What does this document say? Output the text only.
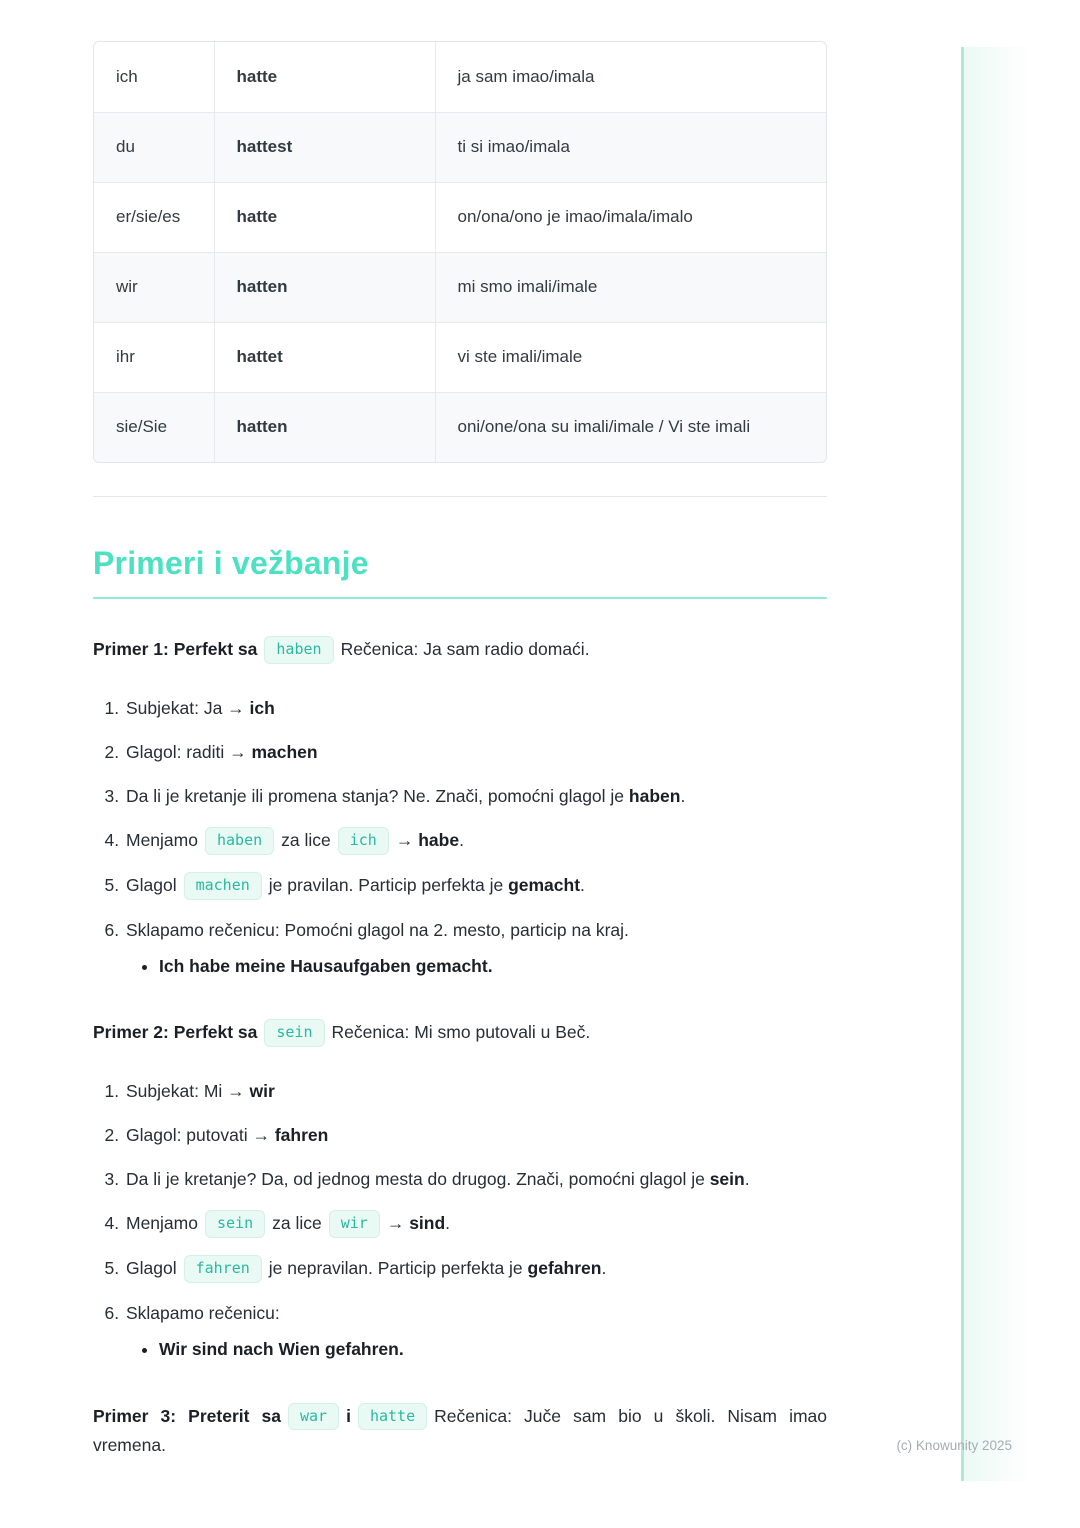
ich	hatte	ja sam imao/imala
du	hattest	ti si imao/imala
er/sie/es	hatte	on/ona/ono je imao/imala/imalo
wir	hatten	mi smo imali/imale
ihr	hattet	vi ste imali/imale
sie/Sie	hatten	oni/one/ona su imali/imale / Vi ste imali
Primeri i vežbanje

Primer 1: Perfekt sa haben Rečenica: Ja sam radio domaći.

1. Subjekat: Ja → ich
2. Glagol: raditi → machen
3. Da li je kretanje ili promena stanja? Ne. Znači, pomoćni glagol je haben.
4. Menjamo haben za lice ich → habe.
5. Glagol machen je pravilan. Particip perfekta je gemacht.
6. Sklapamo rečenicu: Pomoćni glagol na 2. mesto, particip na kraj.
• Ich habe meine Hausaufgaben gemacht.

Primer 2: Perfekt sa sein Rečenica: Mi smo putovali u Beč.

1. Subjekat: Mi → wir
2. Glagol: putovati → fahren
3. Da li je kretanje? Da, od jednog mesta do drugog. Znači, pomoćni glagol je sein.
4. Menjamo sein za lice wir → sind.
5. Glagol fahren je nepravilan. Particip perfekta je gefahren.
6. Sklapamo rečenicu:
• Wir sind nach Wien gefahren.

Primer 3: Preterit sa war i hatte Rečenica: Juče sam bio u školi. Nisam imao vremena.	(c) Knowunity 2025
